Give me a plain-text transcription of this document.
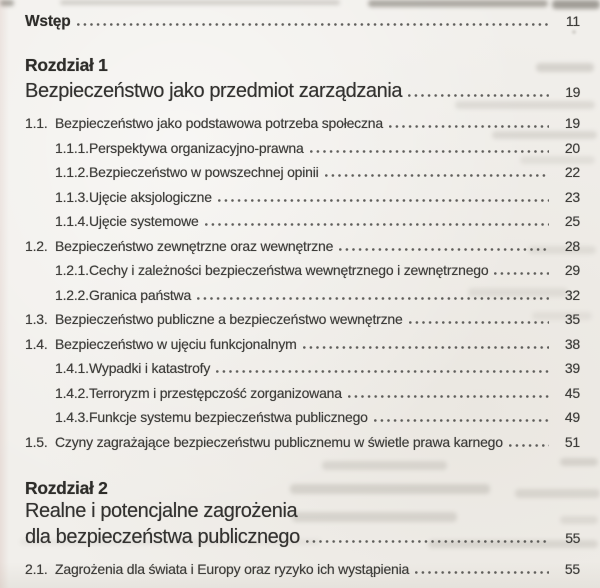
Wstęp	11
Rozdział 1
Bezpieczeństwo jako przedmiot zarządzania	19
1.1. Bezpieczeństwo jako podstawowa potrzeba społeczna	19
1.1.1. Perspektywa organizacyjno-prawna	20
1.1.2. Bezpieczeństwo w powszechnej opinii	22
1.1.3. Ujęcie aksjologiczne	23
1.1.4. Ujęcie systemowe	25
1.2. Bezpieczeństwo zewnętrzne oraz wewnętrzne	28
1.2.1. Cechy i zależności bezpieczeństwa wewnętrznego i zewnętrznego	29
1.2.2. Granica państwa	32
1.3. Bezpieczeństwo publiczne a bezpieczeństwo wewnętrzne	35
1.4. Bezpieczeństwo w ujęciu funkcjonalnym	38
1.4.1. Wypadki i katastrofy	39
1.4.2. Terroryzm i przestępczość zorganizowana	45
1.4.3. Funkcje systemu bezpieczeństwa publicznego	49
1.5. Czyny zagrażające bezpieczeństwu publicznemu w świetle prawa karnego	51
Rozdział 2
Realne i potencjalne zagrożenia
dla bezpieczeństwa publicznego	55
2.1. Zagrożenia dla świata i Europy oraz ryzyko ich wystąpienia	55
